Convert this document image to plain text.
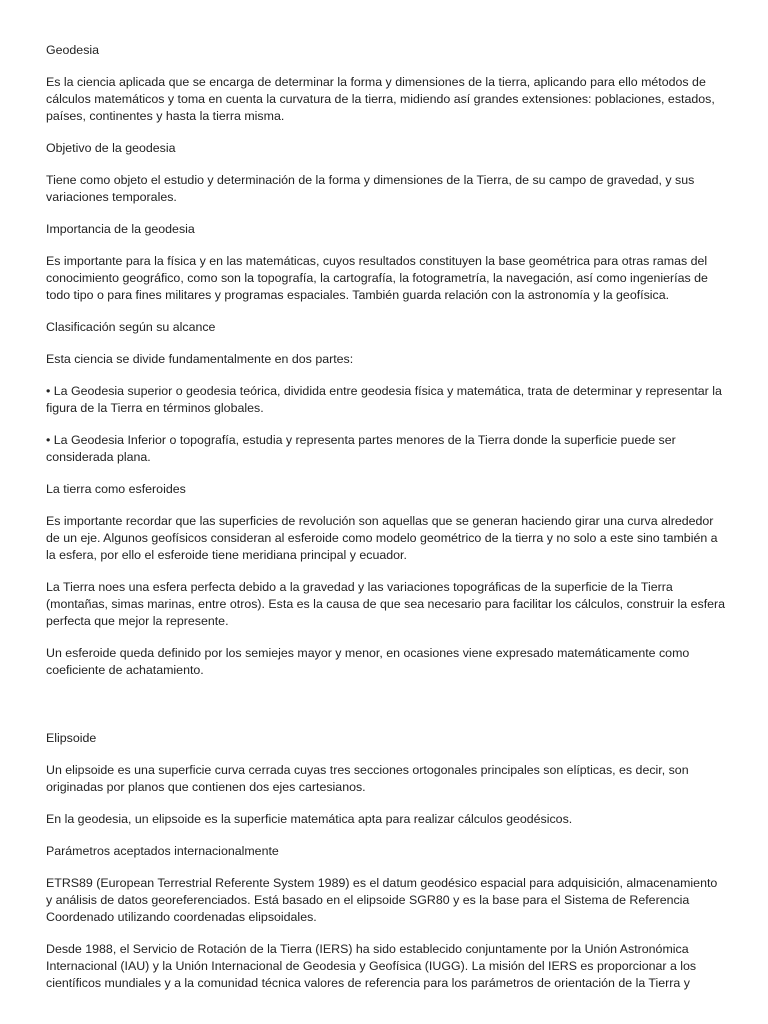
Geodesia

Es la ciencia aplicada que se encarga de determinar la forma y dimensiones de la tierra, aplicando para ello métodos de cálculos matemáticos y toma en cuenta la curvatura de la tierra, midiendo así grandes extensiones: poblaciones, estados, países, continentes y hasta la tierra misma.

Objetivo de la geodesia

Tiene como objeto el estudio y determinación de la forma y dimensiones de la Tierra, de su campo de gravedad, y sus variaciones temporales.

Importancia de la geodesia

Es importante para la física y en las matemáticas, cuyos resultados constituyen la base geométrica para otras ramas del conocimiento geográfico, como son la topografía, la cartografía, la fotogrametría, la navegación, así como ingenierías de todo tipo o para fines militares y programas espaciales. También guarda relación con la astronomía y la geofísica.

Clasificación según su alcance

Esta ciencia se divide fundamentalmente en dos partes:

• La Geodesia superior o geodesia teórica, dividida entre geodesia física y matemática, trata de determinar y representar la figura de la Tierra en términos globales.

• La Geodesia Inferior o topografía, estudia y representa partes menores de la Tierra donde la superficie puede ser considerada plana.

La tierra como esferoides

Es importante recordar que las superficies de revolución son aquellas que se generan haciendo girar una curva alrededor de un eje. Algunos geofísicos consideran al esferoide como modelo geométrico de la tierra y no solo a este sino también a la esfera, por ello el esferoide tiene meridiana principal y ecuador.

La Tierra noes una esfera perfecta debido a la gravedad y las variaciones topográficas de la superficie de la Tierra (montañas, simas marinas, entre otros). Esta es la causa de que sea necesario para facilitar los cálculos, construir la esfera perfecta que mejor la represente.

Un esferoide queda definido por los semiejes mayor y menor, en ocasiones viene expresado matemáticamente como coeficiente de achatamiento.

Elipsoide

Un elipsoide es una superficie curva cerrada cuyas tres secciones ortogonales principales son elípticas, es decir, son originadas por planos que contienen dos ejes cartesianos.

En la geodesia, un elipsoide es la superficie matemática apta para realizar cálculos geodésicos.

Parámetros aceptados internacionalmente

ETRS89 (European Terrestrial Referente System 1989) es el datum geodésico espacial para adquisición, almacenamiento y análisis de datos georeferenciados. Está basado en el elipsoide SGR80 y es la base para el Sistema de Referencia Coordenado utilizando coordenadas elipsoidales.

Desde 1988, el Servicio de Rotación de la Tierra (IERS) ha sido establecido conjuntamente por la Unión Astronómica Internacional (IAU) y la Unión Internacional de Geodesia y Geofísica (IUGG). La misión del IERS es proporcionar a los científicos mundiales y a la comunidad técnica valores de referencia para los parámetros de orientación de la Tierra y
